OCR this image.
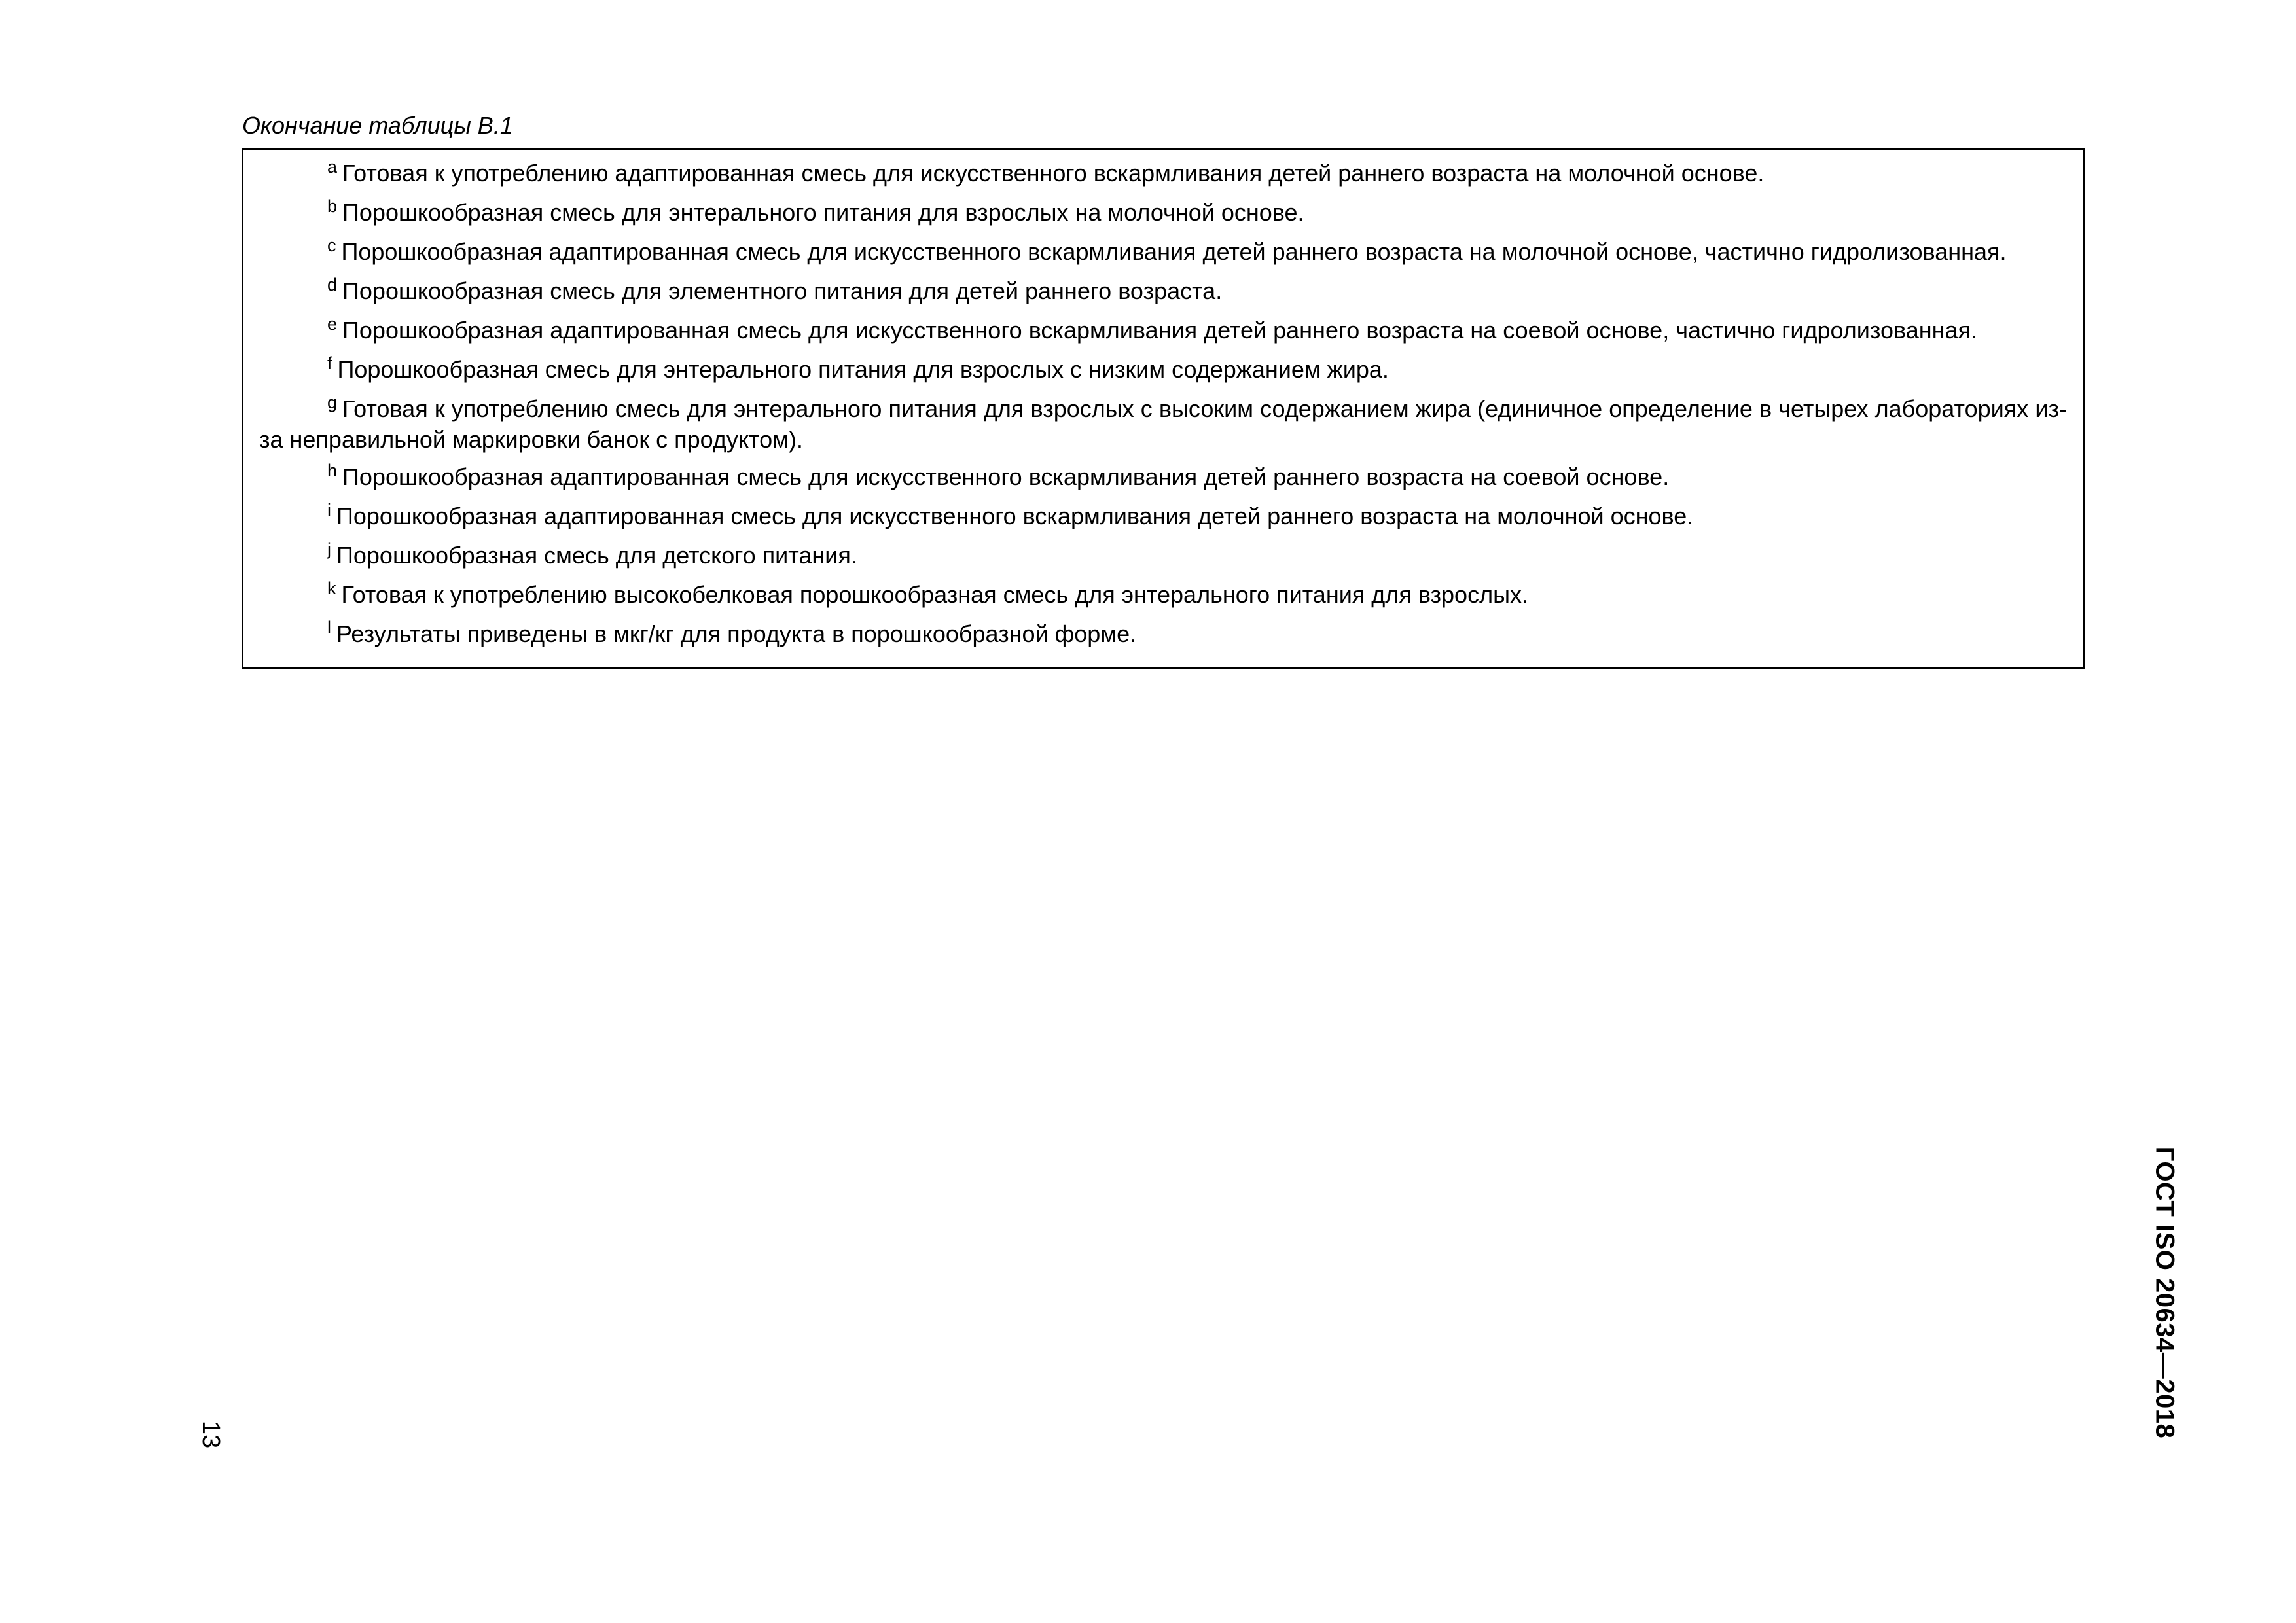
Окончание таблицы В.1

$^a$ Готовая к употреблению адаптированная смесь для искусственного вскармливания детей раннего возраста на молочной основе.

$^b$ Порошкообразная смесь для энтерального питания для взрослых на молочной основе.

$^c$ Порошкообразная адаптированная смесь для искусственного вскармливания детей раннего возраста на молочной основе, частично гидролизованная.

$^d$ Порошкообразная смесь для элементного питания для детей раннего возраста.

$^e$ Порошкообразная адаптированная смесь для искусственного вскармливания детей раннего возраста на соевой основе, частично гидролизованная.

$^f$ Порошкообразная смесь для энтерального питания для взрослых с низким содержанием жира.

$^g$ Готовая к употреблению смесь для энтерального питания для взрослых с высоким содержанием жира (единичное определение в четырех лабораториях из-за неправильной маркировки банок с продуктом).

$^h$ Порошкообразная адаптированная смесь для искусственного вскармливания детей раннего возраста на соевой основе.

$^i$ Порошкообразная адаптированная смесь для искусственного вскармливания детей раннего возраста на молочной основе.

$^j$ Порошкообразная смесь для детского питания.

$^k$ Готовая к употреблению высокобелковая порошкообразная смесь для энтерального питания для взрослых.

$^l$ Результаты приведены в мкг/кг для продукта в порошкообразной форме.

13	ГОСТ ISO 20634—2018
